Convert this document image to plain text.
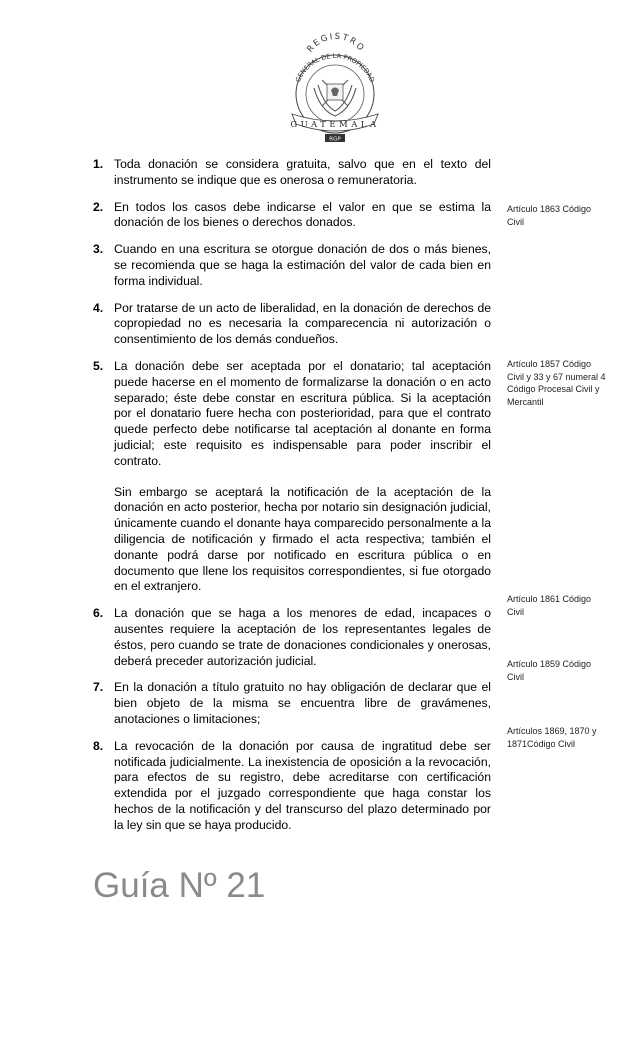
REGISTRO
GENERAL DE LA PROPIEDAD
GUATEMALA
RGP
1. Toda donación se considera gratuita, salvo que en el texto del instrumento se indique que es onerosa o remuneratoria.

2. En todos los casos debe indicarse el valor en que se estima la donación de los bienes o derechos donados.

3. Cuando en una escritura se otorgue donación de dos o más bienes, se recomienda que se haga la estimación del valor de cada bien en forma individual.

4. Por tratarse de un acto de liberalidad, en la donación de derechos de copropiedad no es necesaria la comparecencia ni autorización o consentimiento de los demás condueños.

5. La donación debe ser aceptada por el donatario; tal aceptación puede hacerse en el momento de formalizarse la donación o en acto separado; éste debe constar en escritura pública. Si la aceptación por el donatario fuere hecha con posterioridad, para que el contrato quede perfecto debe notificarse tal aceptación al donante en forma judicial; este requisito es indispensable para poder inscribir el contrato.

Sin embargo se aceptará la notificación de la aceptación de la donación en acto posterior, hecha por notario sin designación judicial, únicamente cuando el donante haya comparecido personalmente a la diligencia de notificación y firmado el acta respectiva; también el donante podrá darse por notificado en escritura pública o en documento que llene los requisitos correspondientes, si fue otorgado en el extranjero.

6. La donación que se haga a los menores de edad, incapaces o ausentes requiere la aceptación de los representantes legales de éstos, pero cuando se trate de donaciones condicionales y onerosas, deberá preceder autorización judicial.

7. En la donación a título gratuito no hay obligación de declarar que el bien objeto de la misma se encuentra libre de gravámenes, anotaciones o limitaciones;

8. La revocación de la donación por causa de ingratitud debe ser notificada judicialmente. La inexistencia de oposición a la revocación, para efectos de su registro, debe acreditarse con certificación extendida por el juzgado correspondiente que haga constar los hechos de la notificación y del transcurso del plazo determinado por la ley sin que se haya producido.

Artículo 1863 Código Civil
Artículo 1857 Código Civil y 33 y 67 numeral 4 Código Procesal Civil y Mercantil
Artículo 1861 Código Civil
Artículo 1859 Código Civil
Artículos 1869, 1870 y 1871Código Civil
Guía Nº 21
